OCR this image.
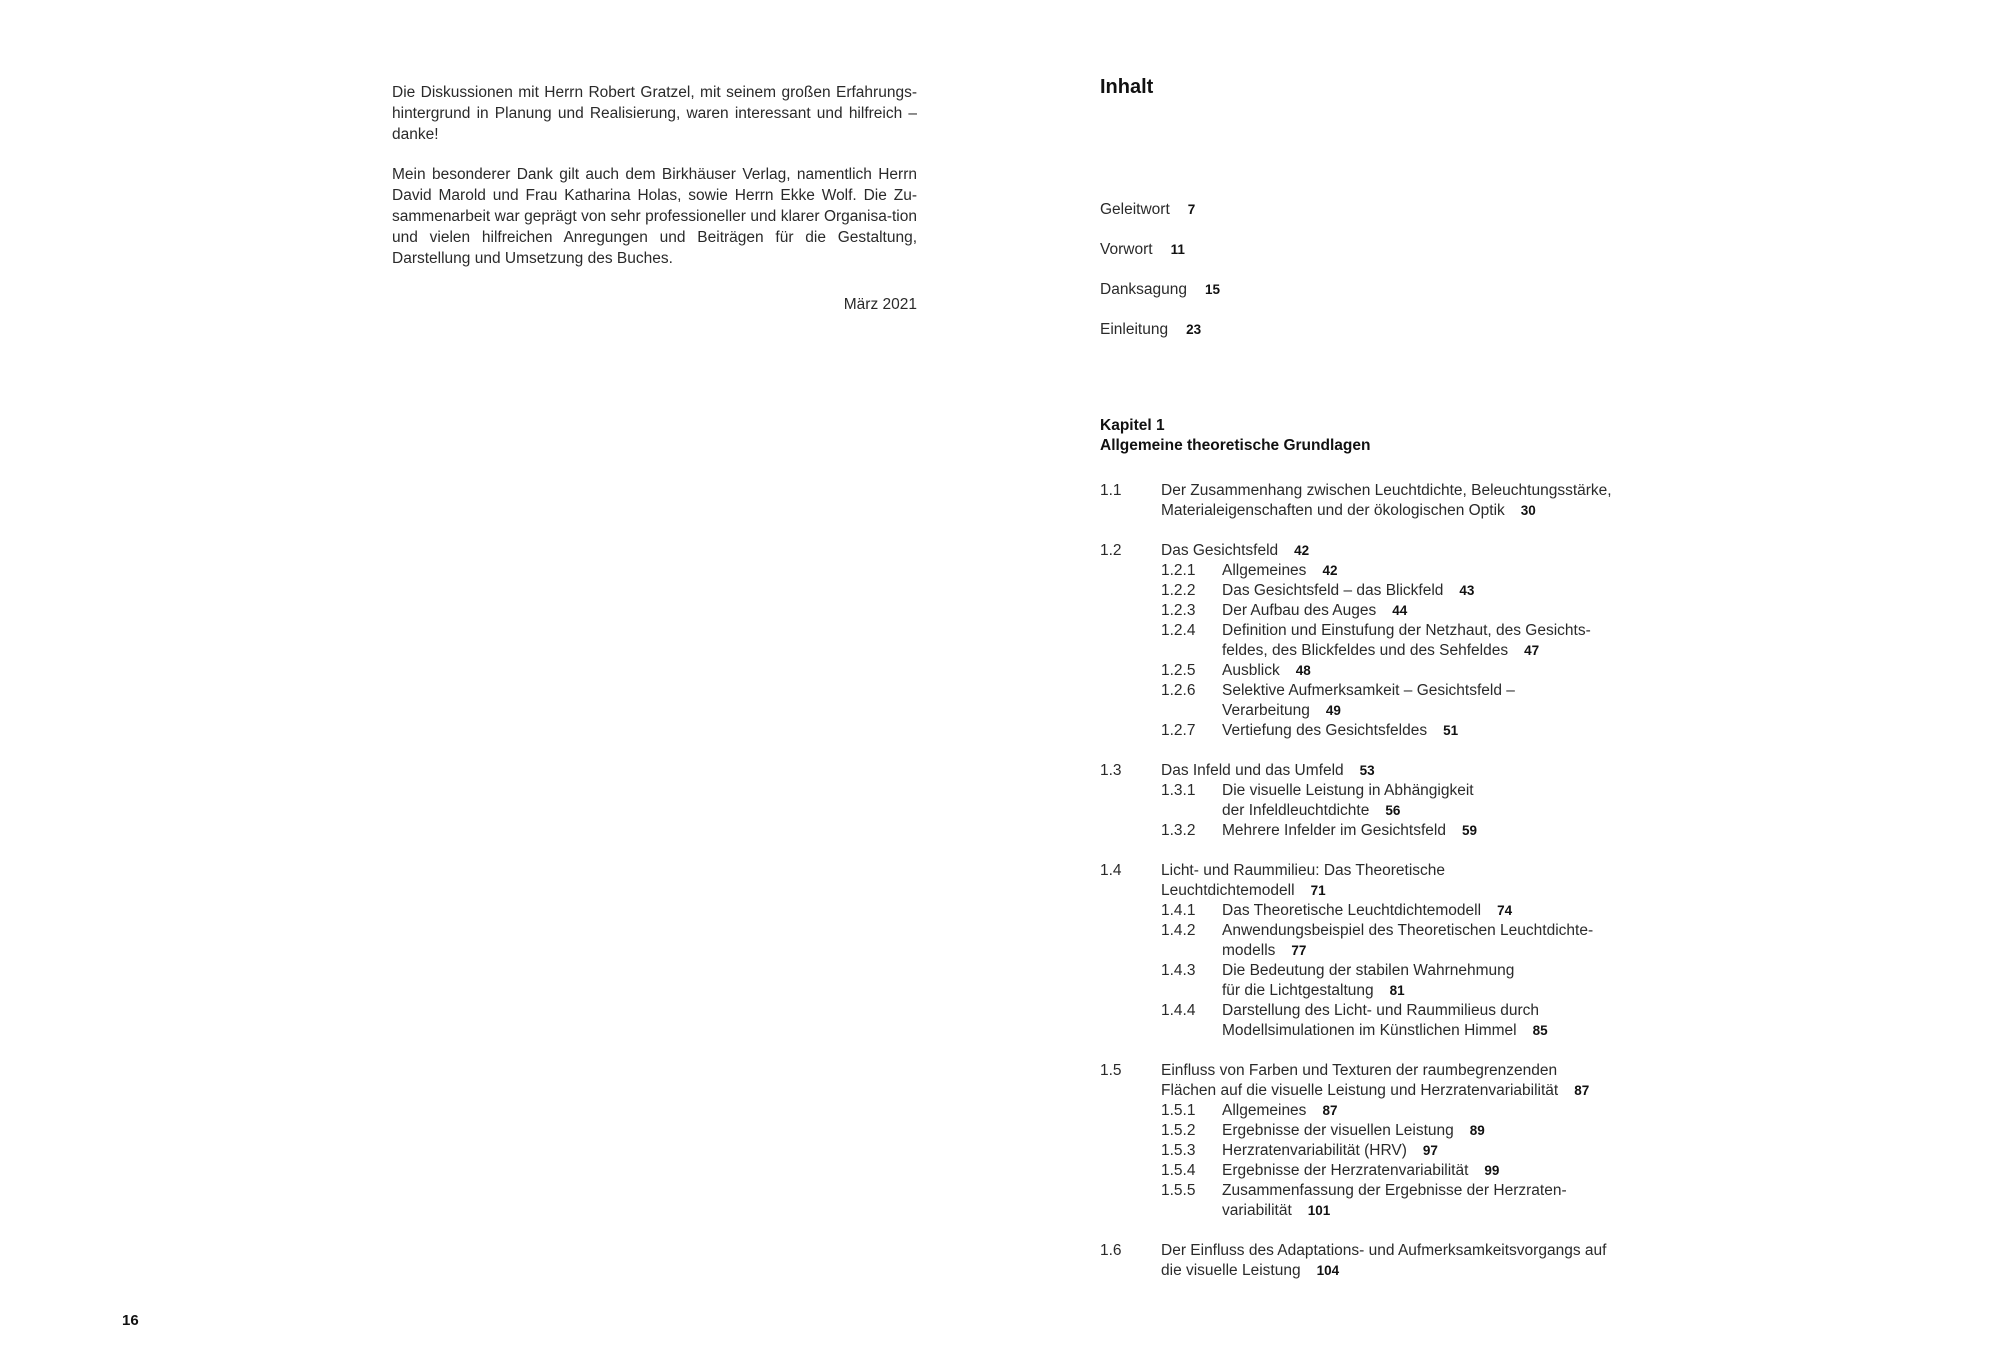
Die Diskussionen mit Herrn Robert Gratzel, mit seinem großen Erfahrungs-hintergrund in Planung und Realisierung, waren interessant und hilfreich – danke!

Mein besonderer Dank gilt auch dem Birkhäuser Verlag, namentlich Herrn David Marold und Frau Katharina Holas, sowie Herrn Ekke Wolf. Die Zu-sammenarbeit war geprägt von sehr professioneller und klarer Organisa-tion und vielen hilfreichen Anregungen und Beiträgen für die Gestaltung, Darstellung und Umsetzung des Buches.

März 2021
16
Inhalt
Geleitwort 7
Vorwort 11
Danksagung 15
Einleitung 23
Kapitel 1
Allgemeine theoretische Grundlagen
1.1	Der Zusammenhang zwischen Leuchtdichte, Beleuchtungsstärke,
Materialeigenschaften und der ökologischen Optik 30
1.2	Das Gesichtsfeld 42
1.2.1 Allgemeines 42
1.2.2 Das Gesichtsfeld – das Blickfeld 43
1.2.3 Der Aufbau des Auges 44
1.2.4 Definition und Einstufung der Netzhaut, des Gesichts-
feldes, des Blickfeldes und des Sehfeldes 47
1.2.5 Ausblick 48
1.2.6 Selektive Aufmerksamkeit – Gesichtsfeld –
Verarbeitung 49
1.2.7 Vertiefung des Gesichtsfeldes 51
1.3	Das Infeld und das Umfeld 53
1.3.1 Die visuelle Leistung in Abhängigkeit
der Infeldleuchtdichte 56
1.3.2 Mehrere Infelder im Gesichtsfeld 59
1.4	Licht- und Raummilieu: Das Theoretische
Leuchtdichtemodell 71
1.4.1 Das Theoretische Leuchtdichtemodell 74
1.4.2 Anwendungsbeispiel des Theoretischen Leuchtdichte-
modells 77
1.4.3 Die Bedeutung der stabilen Wahrnehmung
für die Lichtgestaltung 81
1.4.4 Darstellung des Licht- und Raummilieus durch
Modellsimulationen im Künstlichen Himmel 85
1.5	Einfluss von Farben und Texturen der raumbegrenzenden
Flächen auf die visuelle Leistung und Herzratenvariabilität 87
1.5.1 Allgemeines 87
1.5.2 Ergebnisse der visuellen Leistung 89
1.5.3 Herzratenvariabilität (HRV) 97
1.5.4 Ergebnisse der Herzratenvariabilität 99
1.5.5 Zusammenfassung der Ergebnisse der Herzraten-
variabilität 101
1.6	Der Einfluss des Adaptations- und Aufmerksamkeitsvorgangs auf
die visuelle Leistung 104
